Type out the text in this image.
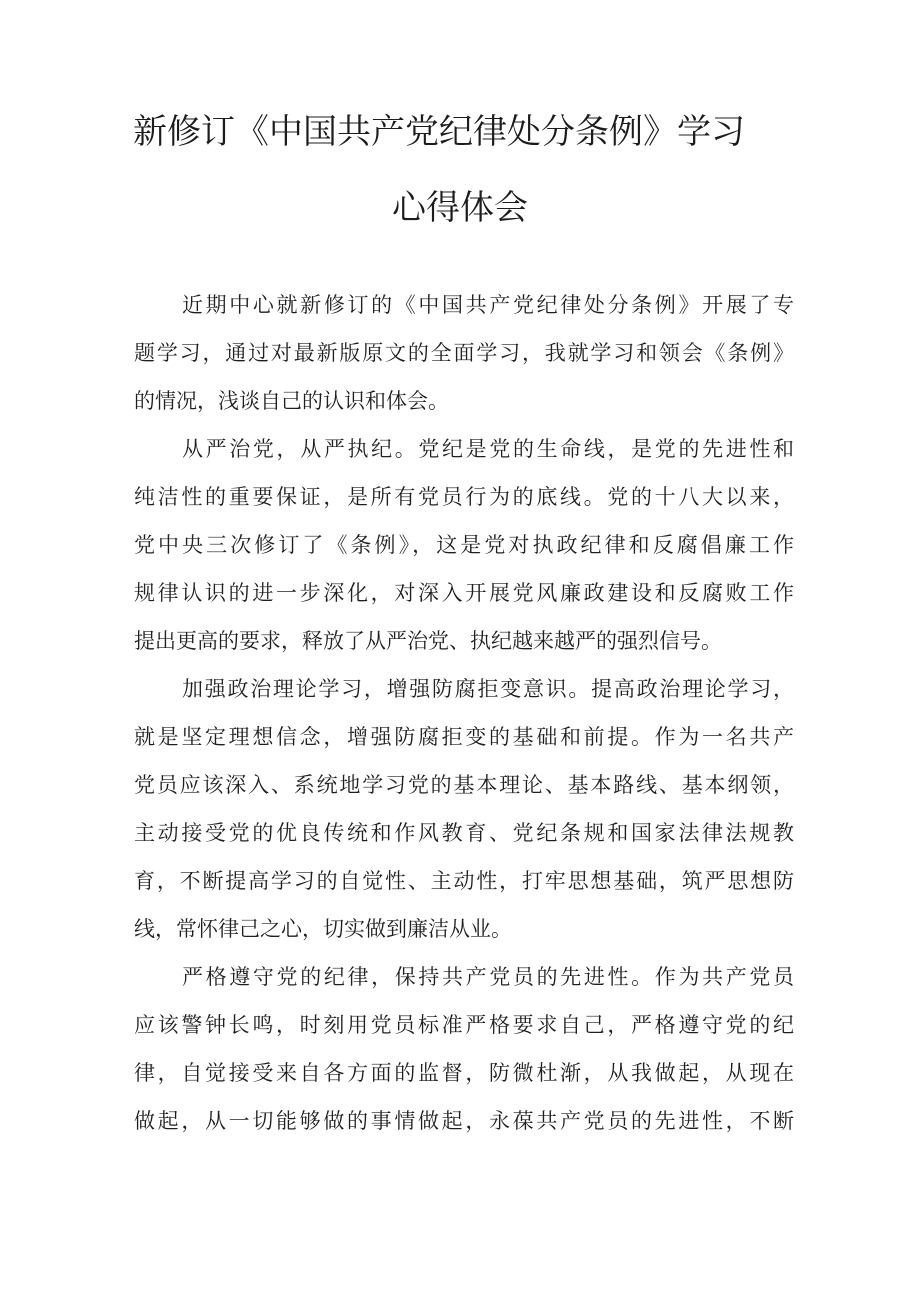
新修订《中国共产党纪律处分条例》学习
心得体会
近期中心就新修订的《中国共产党纪律处分条例》开展了专
题学习，通过对最新版原文的全面学习，我就学习和领会《条例》
的情况，浅谈自己的认识和体会。
从严治党，从严执纪。党纪是党的生命线，是党的先进性和
纯洁性的重要保证，是所有党员行为的底线。党的十八大以来，
党中央三次修订了《条例》，这是党对执政纪律和反腐倡廉工作
规律认识的进一步深化，对深入开展党风廉政建设和反腐败工作
提出更高的要求，释放了从严治党、执纪越来越严的强烈信号。
加强政治理论学习，增强防腐拒变意识。提高政治理论学习，
就是坚定理想信念，增强防腐拒变的基础和前提。作为一名共产
党员应该深入、系统地学习党的基本理论、基本路线、基本纲领，
主动接受党的优良传统和作风教育、党纪条规和国家法律法规教
育，不断提高学习的自觉性、主动性，打牢思想基础，筑严思想防
线，常怀律己之心，切实做到廉洁从业。
严格遵守党的纪律，保持共产党员的先进性。作为共产党员
应该警钟长鸣，时刻用党员标准严格要求自己，严格遵守党的纪
律，自觉接受来自各方面的监督，防微杜渐，从我做起，从现在
做起，从一切能够做的事情做起，永葆共产党员的先进性，不断
